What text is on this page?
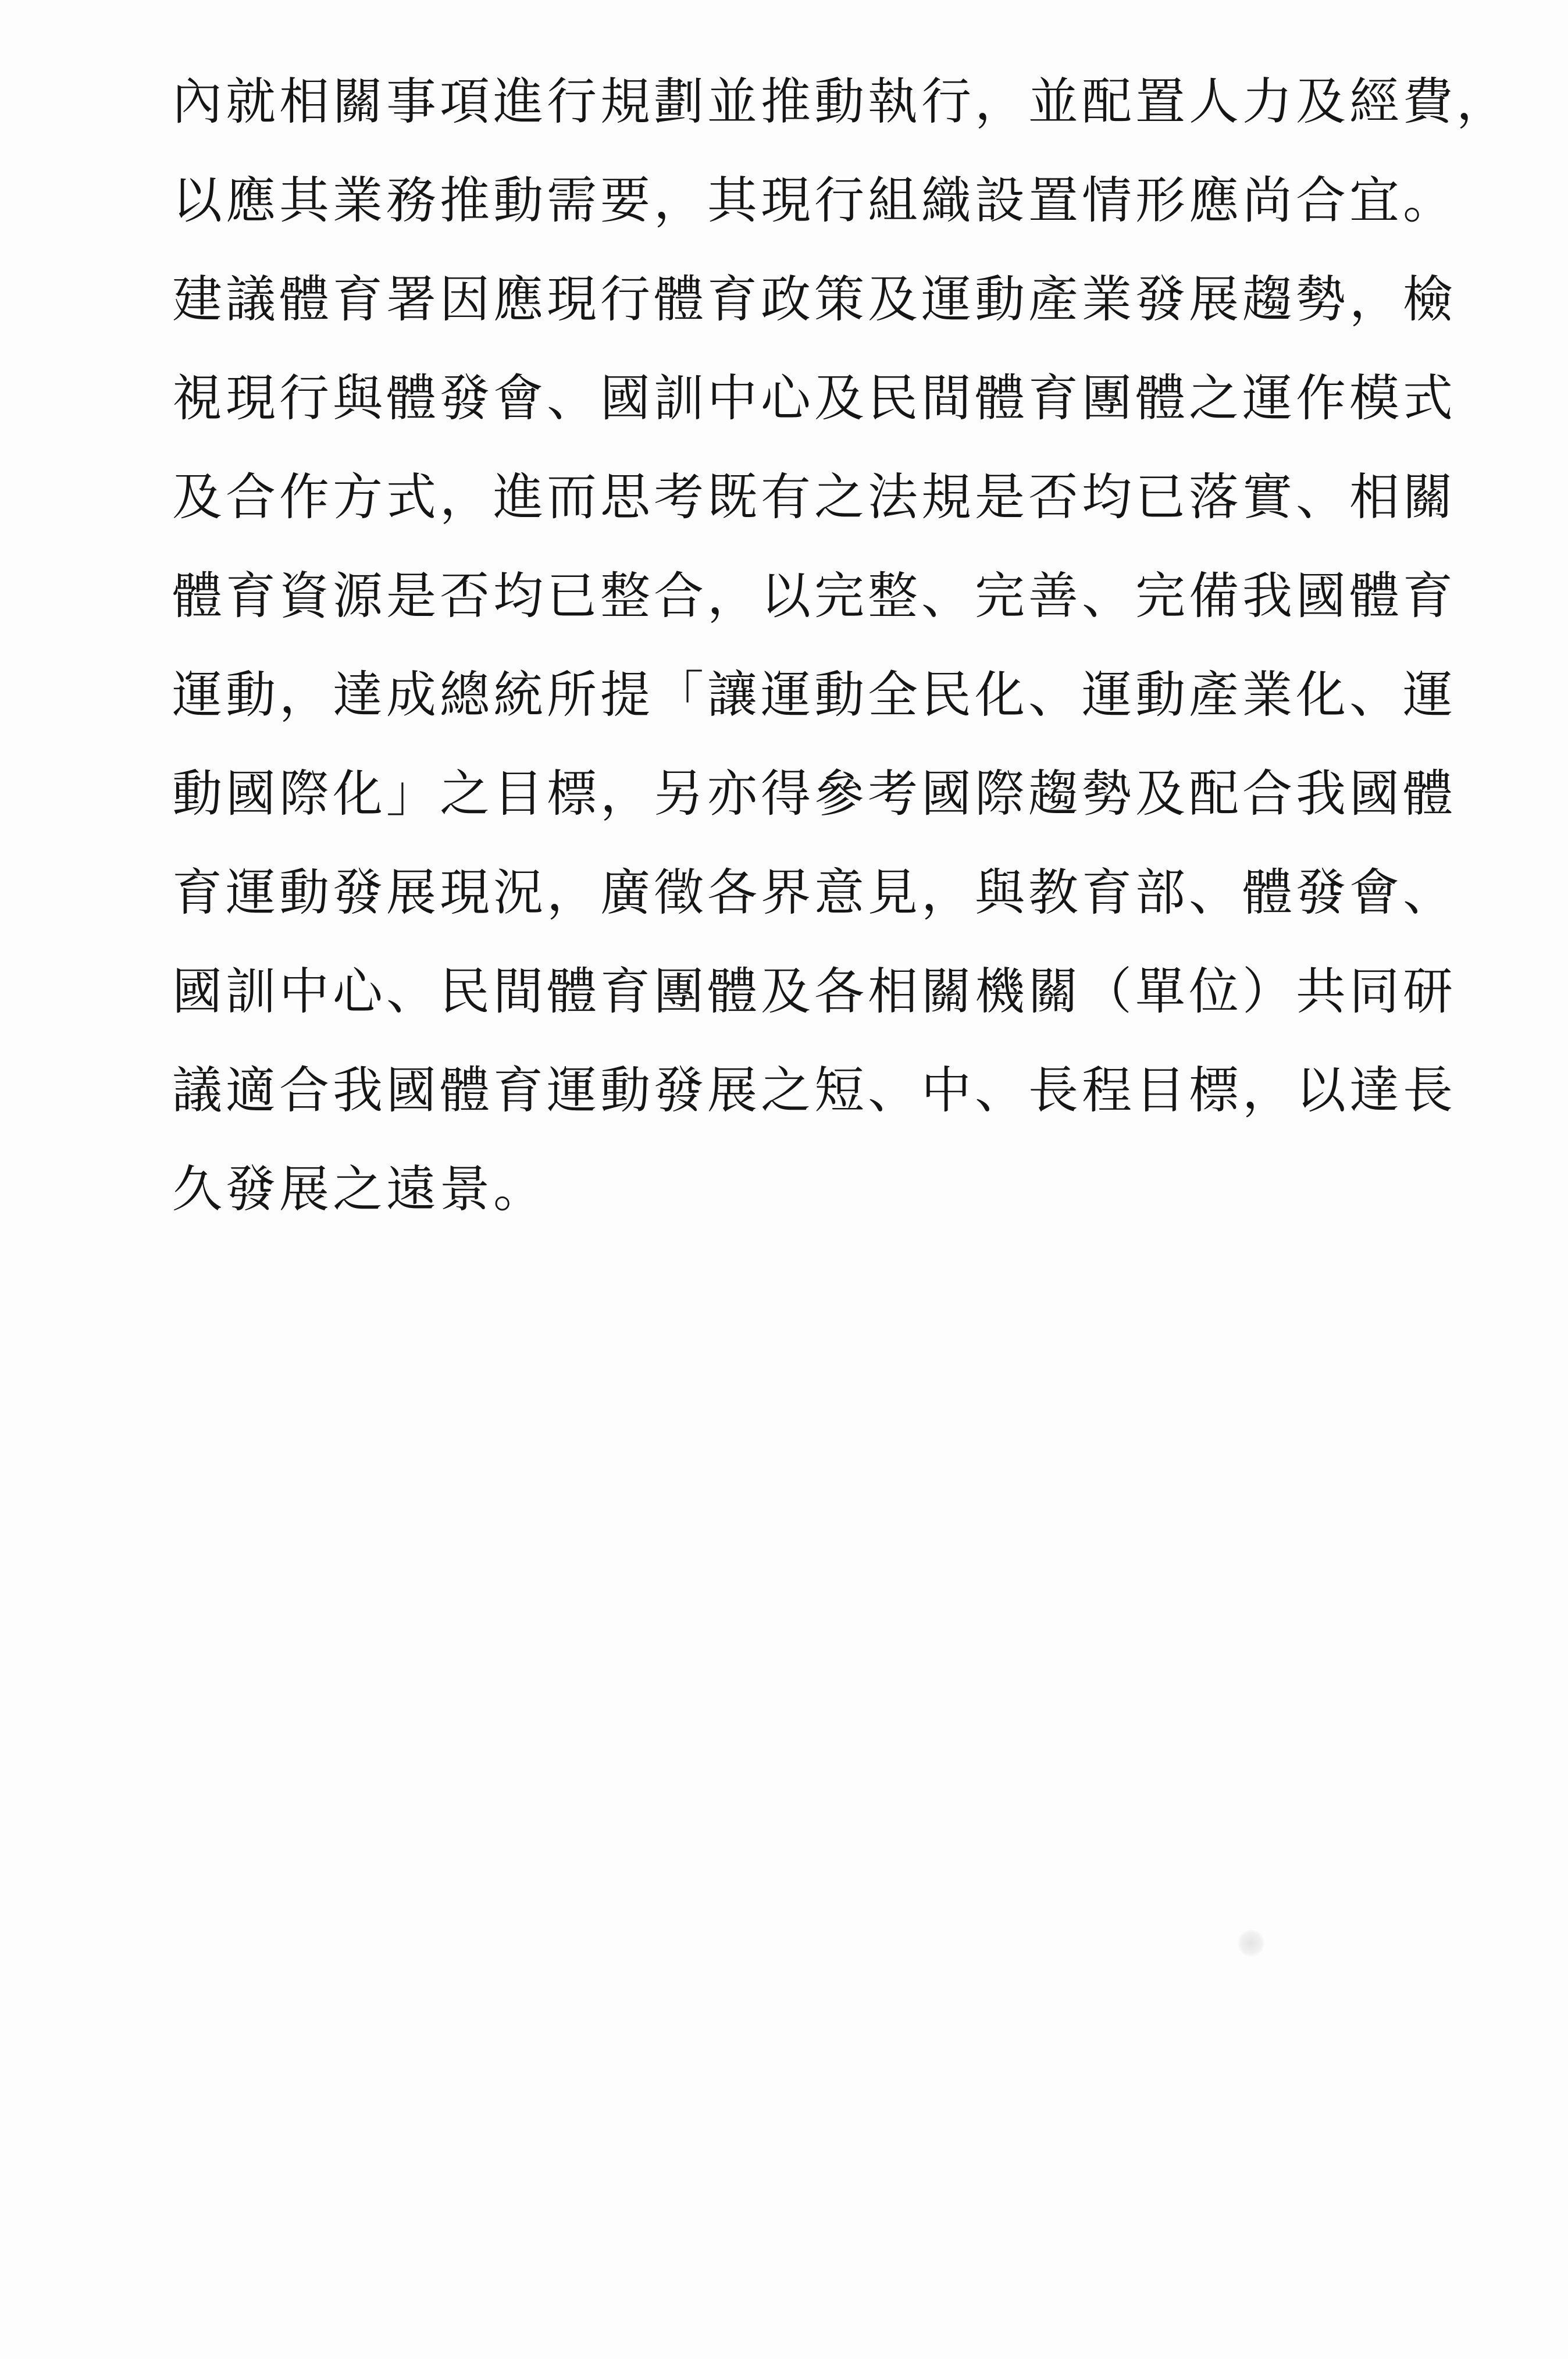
內就相關事項進行規劃並推動執行，並配置人力及經費，
以應其業務推動需要，其現行組織設置情形應尚合宜。
建議體育署因應現行體育政策及運動產業發展趨勢，檢
視現行與體發會、國訓中心及民間體育團體之運作模式
及合作方式，進而思考既有之法規是否均已落實、相關
體育資源是否均已整合，以完整、完善、完備我國體育
運動，達成總統所提「讓運動全民化、運動產業化、運
動國際化」之目標，另亦得參考國際趨勢及配合我國體
育運動發展現況，廣徵各界意見，與教育部、體發會、
國訓中心、民間體育團體及各相關機關（單位）共同研
議適合我國體育運動發展之短、中、長程目標，以達長
久發展之遠景。
